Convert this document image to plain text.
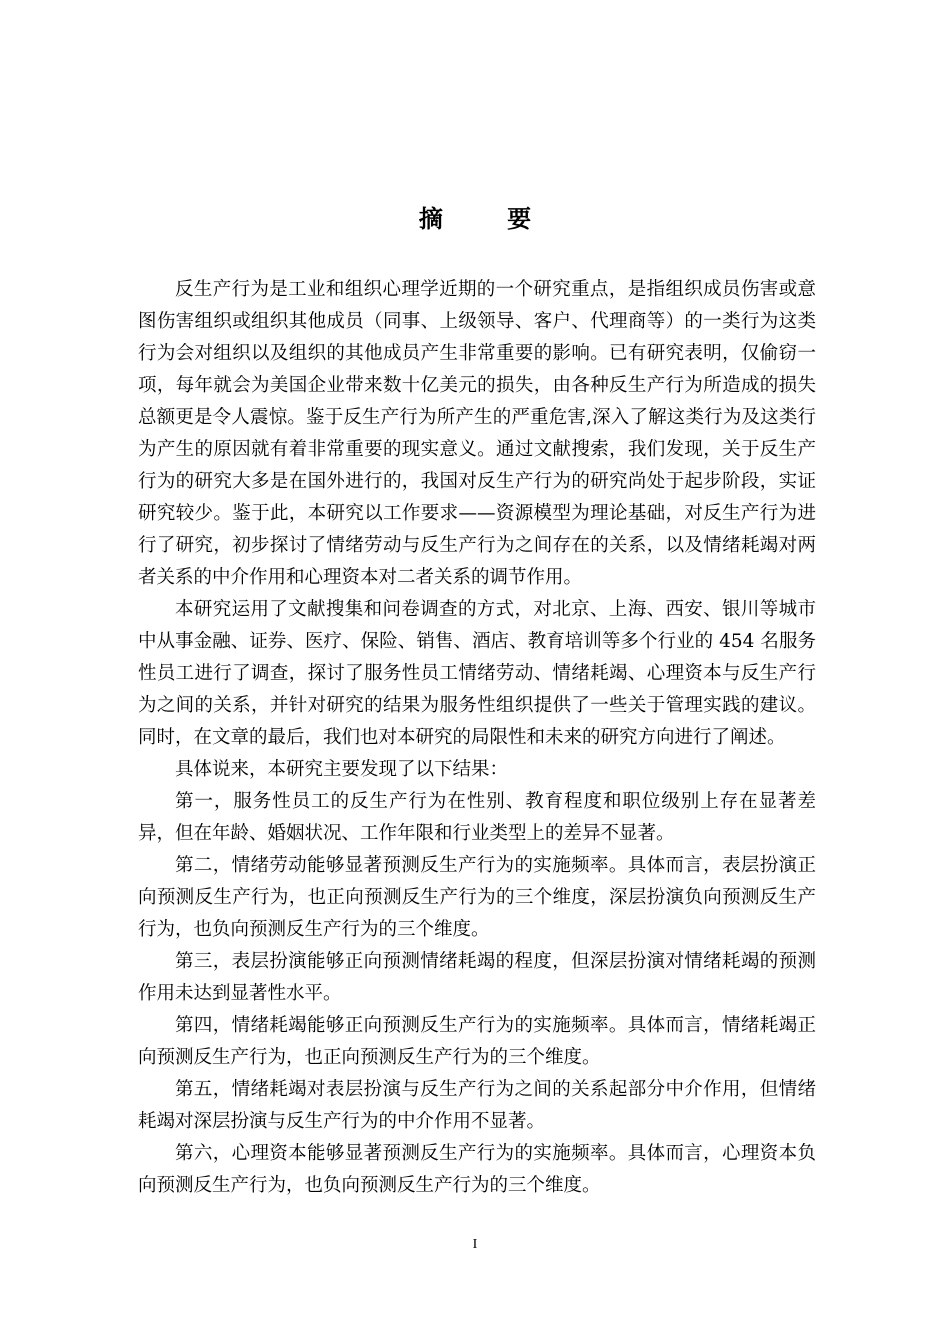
摘 要

反生产行为是工业和组织心理学近期的一个研究重点，是指组织成员伤害或意图伤害组织或组织其他成员（同事、上级领导、客户、代理商等）的一类行为这类行为会对组织以及组织的其他成员产生非常重要的影响。已有研究表明，仅偷窃一项，每年就会为美国企业带来数十亿美元的损失，由各种反生产行为所造成的损失总额更是令人震惊。鉴于反生产行为所产生的严重危害,深入了解这类行为及这类行为产生的原因就有着非常重要的现实意义。通过文献搜索，我们发现，关于反生产行为的研究大多是在国外进行的，我国对反生产行为的研究尚处于起步阶段，实证研究较少。鉴于此，本研究以工作要求——资源模型为理论基础，对反生产行为进行了研究，初步探讨了情绪劳动与反生产行为之间存在的关系，以及情绪耗竭对两者关系的中介作用和心理资本对二者关系的调节作用。

本研究运用了文献搜集和问卷调查的方式，对北京、上海、西安、银川等城市中从事金融、证券、医疗、保险、销售、酒店、教育培训等多个行业的 454 名服务性员工进行了调查，探讨了服务性员工情绪劳动、情绪耗竭、心理资本与反生产行为之间的关系，并针对研究的结果为服务性组织提供了一些关于管理实践的建议。同时，在文章的最后，我们也对本研究的局限性和未来的研究方向进行了阐述。

具体说来，本研究主要发现了以下结果：

第一，服务性员工的反生产行为在性别、教育程度和职位级别上存在显著差异，但在年龄、婚姻状况、工作年限和行业类型上的差异不显著。

第二，情绪劳动能够显著预测反生产行为的实施频率。具体而言，表层扮演正向预测反生产行为，也正向预测反生产行为的三个维度，深层扮演负向预测反生产行为，也负向预测反生产行为的三个维度。

第三，表层扮演能够正向预测情绪耗竭的程度，但深层扮演对情绪耗竭的预测作用未达到显著性水平。

第四，情绪耗竭能够正向预测反生产行为的实施频率。具体而言，情绪耗竭正向预测反生产行为，也正向预测反生产行为的三个维度。

第五，情绪耗竭对表层扮演与反生产行为之间的关系起部分中介作用，但情绪耗竭对深层扮演与反生产行为的中介作用不显著。

第六，心理资本能够显著预测反生产行为的实施频率。具体而言，心理资本负向预测反生产行为，也负向预测反生产行为的三个维度。

I
